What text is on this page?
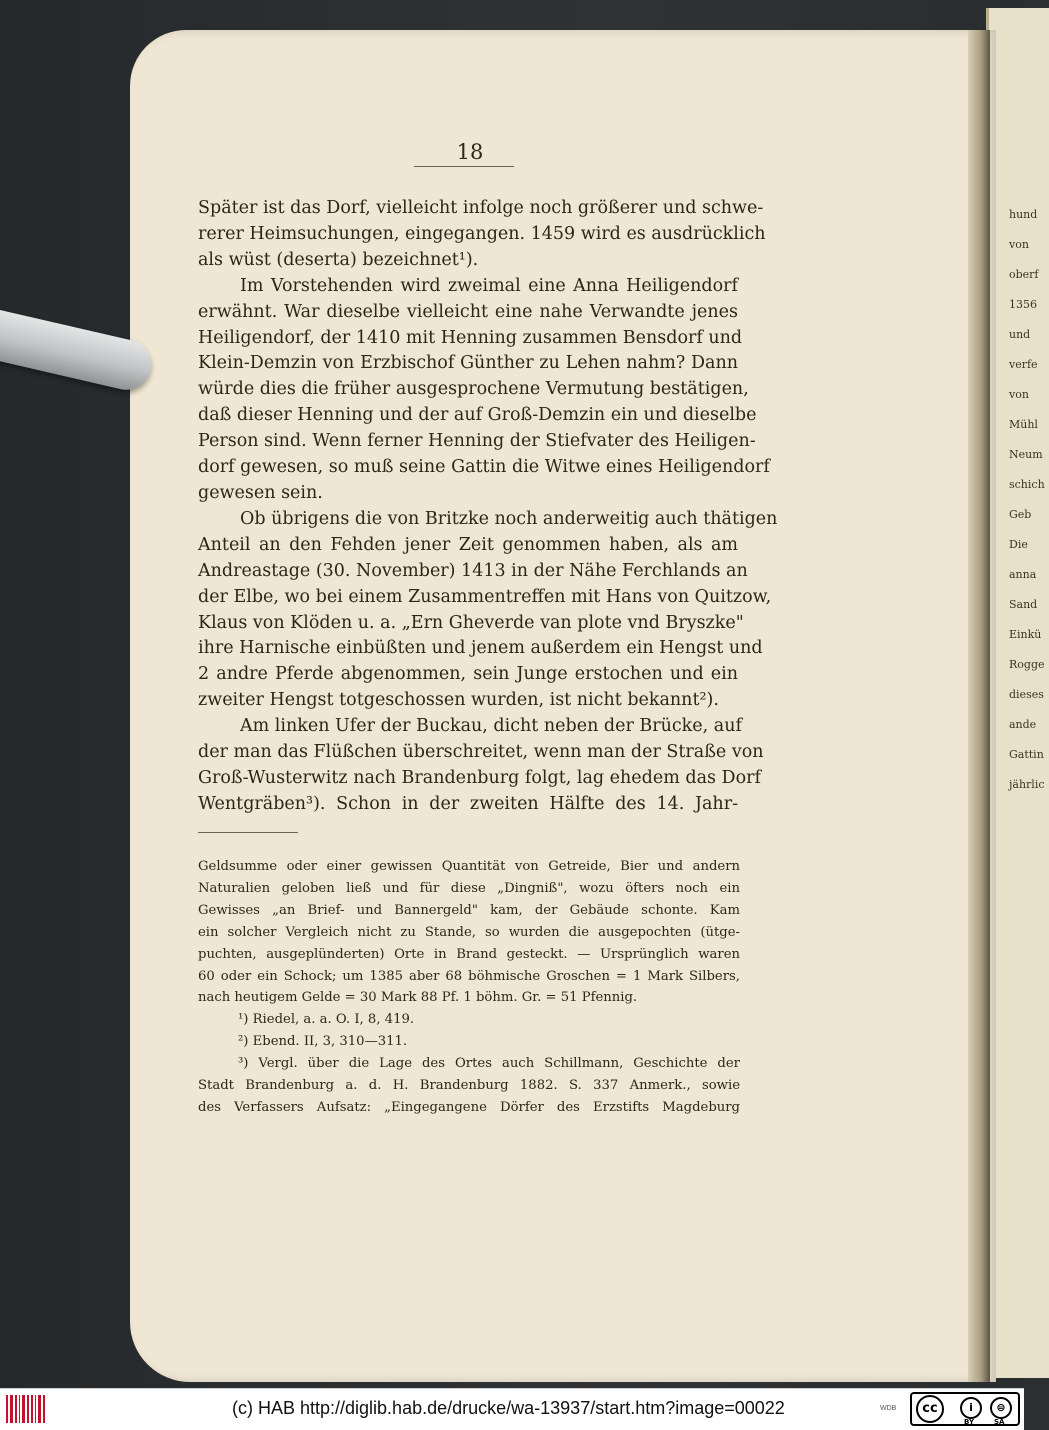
hund
von
oberf
1356
und
verfe
von
Mühl
Neum
schich
Geb
Die
anna
Sand
Einkü
Rogge
dieses
ande
Gattin
jährlic
18
Später ist das Dorf, vielleicht infolge noch größerer und schwe-
rerer Heimsuchungen, eingegangen. 1459 wird es ausdrücklich
als wüst (deserta) bezeichnet¹).
Im Vorstehenden wird zweimal eine Anna Heiligendorf
erwähnt. War dieselbe vielleicht eine nahe Verwandte jenes
Heiligendorf, der 1410 mit Henning zusammen Bensdorf und
Klein-Demzin von Erzbischof Günther zu Lehen nahm? Dann
würde dies die früher ausgesprochene Vermutung bestätigen,
daß dieser Henning und der auf Groß-Demzin ein und dieselbe
Person sind. Wenn ferner Henning der Stiefvater des Heiligen-
dorf gewesen, so muß seine Gattin die Witwe eines Heiligendorf
gewesen sein.
Ob übrigens die von Britzke noch anderweitig auch thätigen
Anteil an den Fehden jener Zeit genommen haben, als am
Andreastage (30. November) 1413 in der Nähe Ferchlands an
der Elbe, wo bei einem Zusammentreffen mit Hans von Quitzow,
Klaus von Klöden u. a. „Ern Gheverde van plote vnd Bryszke"
ihre Harnische einbüßten und jenem außerdem ein Hengst und
2 andre Pferde abgenommen, sein Junge erstochen und ein
zweiter Hengst totgeschossen wurden, ist nicht bekannt²).
Am linken Ufer der Buckau, dicht neben der Brücke, auf
der man das Flüßchen überschreitet, wenn man der Straße von
Groß-Wusterwitz nach Brandenburg folgt, lag ehedem das Dorf
Wentgräben³). Schon in der zweiten Hälfte des 14. Jahr-
Geldsumme oder einer gewissen Quantität von Getreide, Bier und andern
Naturalien geloben ließ und für diese „Dingniß", wozu öfters noch ein
Gewisses „an Brief- und Bannergeld" kam, der Gebäude schonte. Kam
ein solcher Vergleich nicht zu Stande, so wurden die ausgepochten (ütge-
puchten, ausgeplünderten) Orte in Brand gesteckt. — Ursprünglich waren
60 oder ein Schock; um 1385 aber 68 böhmische Groschen = 1 Mark Silbers,
nach heutigem Gelde = 30 Mark 88 Pf. 1 böhm. Gr. = 51 Pfennig.
¹) Riedel, a. a. O. I, 8, 419.
²) Ebend. II, 3, 310—311.
³) Vergl. über die Lage des Ortes auch Schillmann, Geschichte der
Stadt Brandenburg a. d. H. Brandenburg 1882. S. 337 Anmerk., sowie
des Verfassers Aufsatz: „Eingegangene Dörfer des Erzstifts Magdeburg
(c) HAB http://diglib.hab.de/drucke/wa-13937/start.htm?image=00022	WDB	cc	i	⊜
BY	SA
